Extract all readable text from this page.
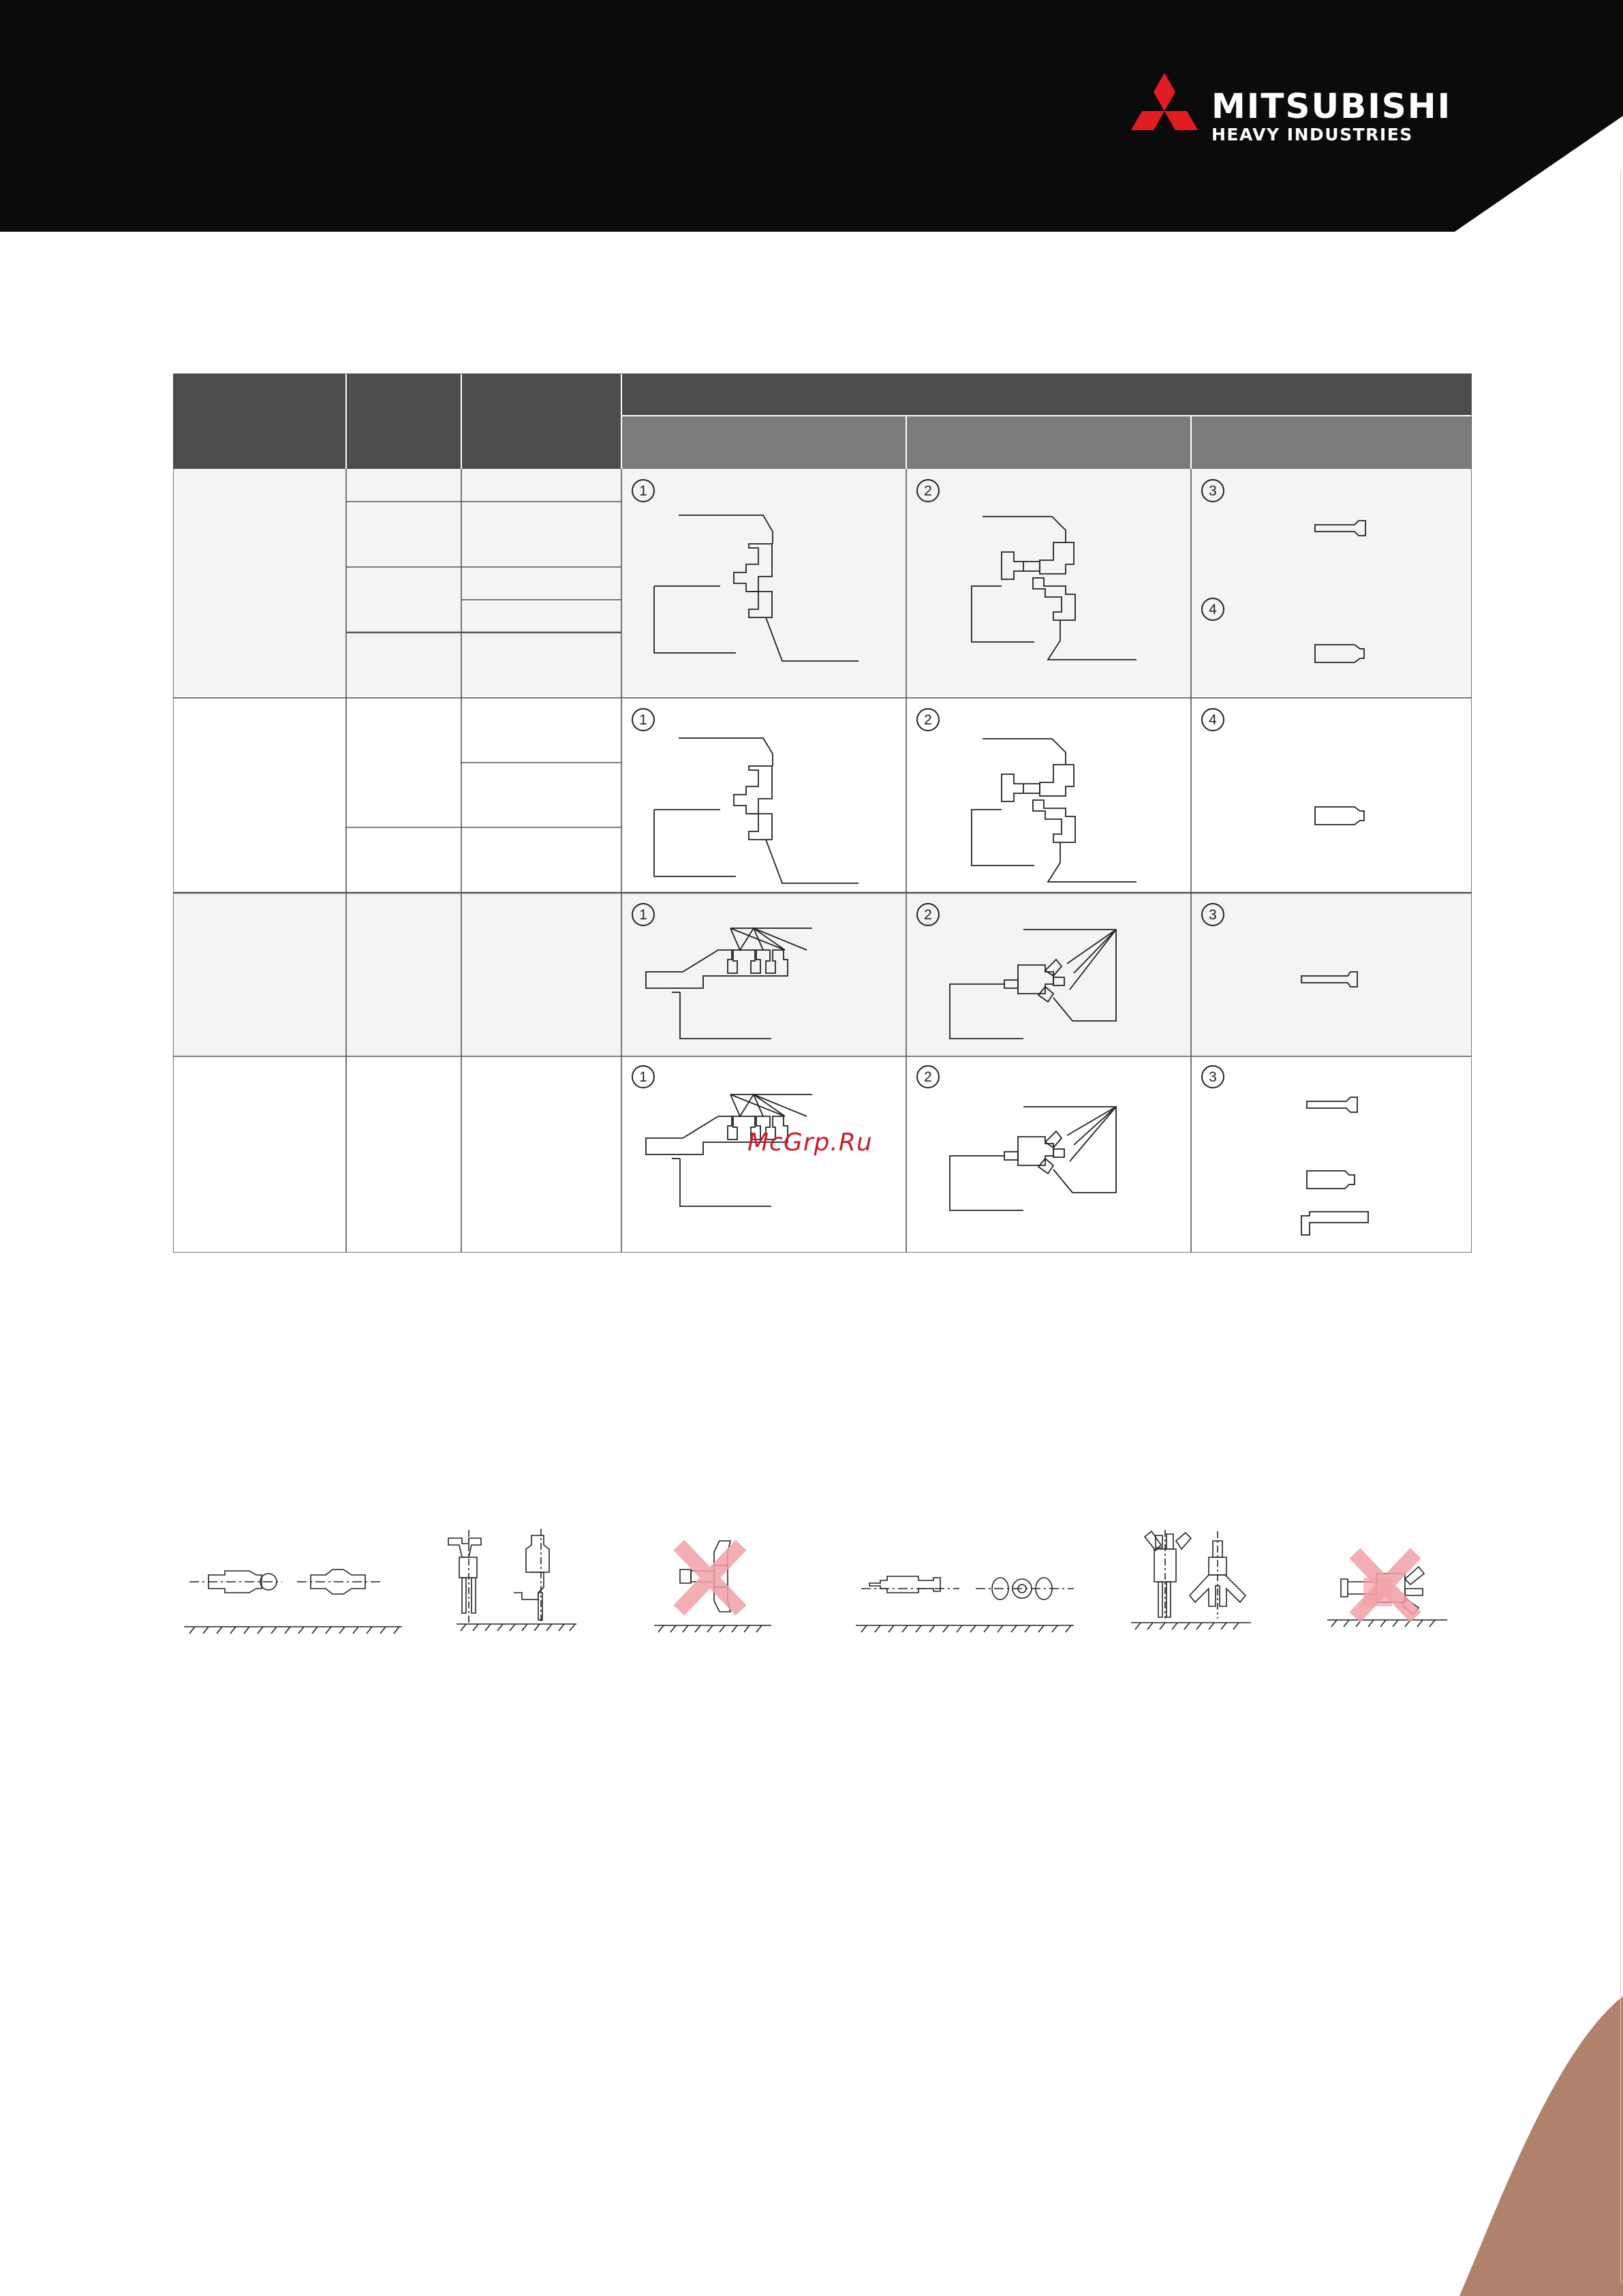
MITSUBISHI
HEAVY INDUSTRIES
McGrp.Ru
